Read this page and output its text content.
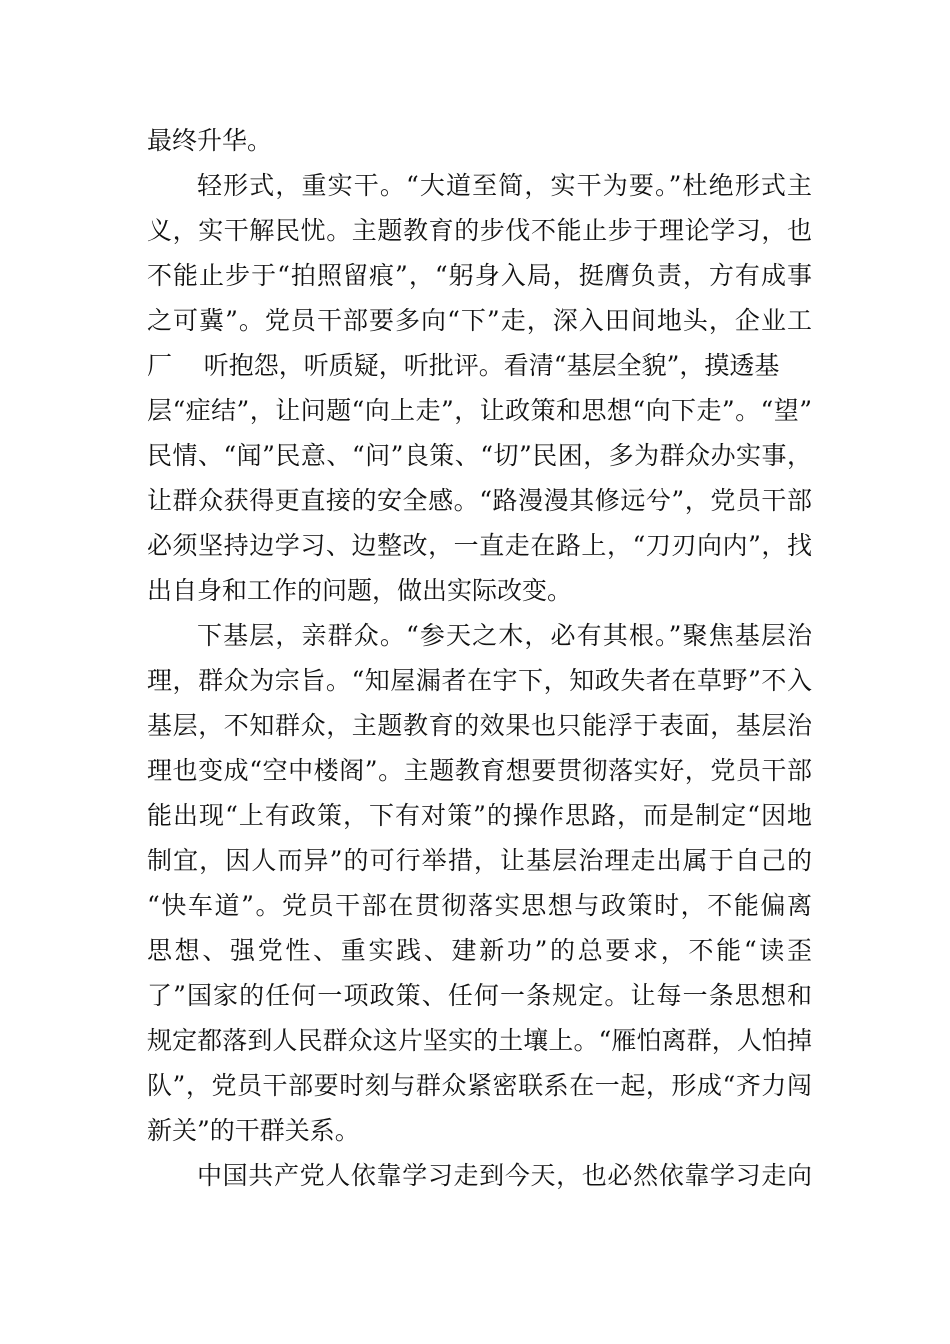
最终升华。
轻形式，重实干。“大道至简，实干为要。”杜绝形式主
义，实干解民忧。主题教育的步伐不能止步于理论学习，也
不能止步于“拍照留痕”，“躬身入局，挺膺负责，方有成事
之可冀”。党员干部要多向“下”走，深入田间地头，企业工
厂    听抱怨，听质疑，听批评。看清“基层全貌”，摸透基
层“症结”，让问题“向上走”，让政策和思想“向下走”。“望”
民情、“闻”民意、“问”良策、“切”民困，多为群众办实事，
让群众获得更直接的安全感。“路漫漫其修远兮”，党员干部
必须坚持边学习、边整改，一直走在路上，“刀刃向内”，找
出自身和工作的问题，做出实际改变。
下基层，亲群众。“参天之木，必有其根。”聚焦基层治
理，群众为宗旨。“知屋漏者在宇下，知政失者在草野”不入
基层，不知群众，主题教育的效果也只能浮于表面，基层治
理也变成“空中楼阁”。主题教育想要贯彻落实好，党员干部
能出现“上有政策，下有对策”的操作思路，而是制定“因地
制宜，因人而异”的可行举措，让基层治理走出属于自己的
“快车道”。党员干部在贯彻落实思想与政策时，不能偏离
思想、强党性、重实践、建新功”的总要求，不能“读歪
了”国家的任何一项政策、任何一条规定。让每一条思想和
规定都落到人民群众这片坚实的土壤上。“雁怕离群，人怕掉
队”，党员干部要时刻与群众紧密联系在一起，形成“齐力闯
新关”的干群关系。
中国共产党人依靠学习走到今天，也必然依靠学习走向
